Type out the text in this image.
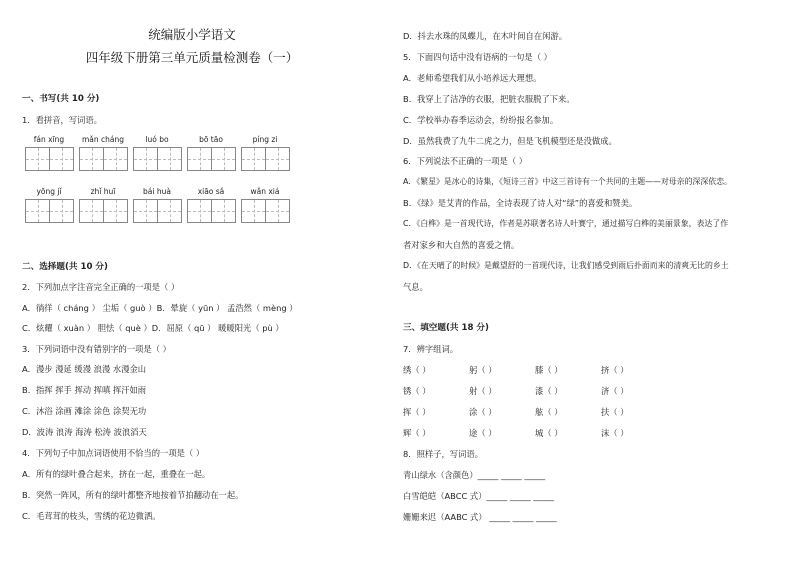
统编版小学语文
四年级下册第三单元质量检测卷（一）
一、书写(共 10 分)
1．看拼音，写词语。
fán xīng	mǎn cháng	luó bo	bō tāo	píng zi
yōng jǐ	zhǐ huī	bái huà	xiāo sǎ	wǎn xiá
二、选择题(共 10 分)
2．下列加点字注音完全正确的一项是（ ）
A．徜徉（ cháng ） 尘垢（ guò ）B．晕旋（ yūn ） 孟浩然（ mèng ）
C．炫耀（ xuàn ） 胆怯（ què ）D．屈原（ qū ） 暖暖阳光（ pù ）
3．下列词语中没有错别字的一项是（ ）
A．漫步 漫延 缓漫 浪漫 水漫金山
B．指挥 挥手 挥动 挥嗔 挥汗如雨
C．沐浴 涂画 滩涂 涂色 涂契无功
D．波涛 浪涛 海涛 松涛 波浪滔天
4．下列句子中加点词语使用不恰当的一项是（ ）
A．所有的绿叶叠合起来，挤在一起，重叠在一起。
B．突然一阵风，所有的绿叶都整齐地按着节拍翻动在一起。
C．毛茸茸的枝头，雪绣的花边微洒。
D．抖去水珠的凤蝶儿，在木叶间自在闲游。
5．下面四句话中没有语病的一句是（ ）
A．老师希望我们从小培养远大理想。
B．我穿上了洁净的衣服，把脏衣服脱了下来。
C．学校举办春季运动会，纷纷报名参加。
D．虽然我费了九牛二虎之力，但是飞机模型还是没做成。
6．下列说法不正确的一项是（ ）
A．《繁星》是冰心的诗集，《短诗三首》中这三首诗有一个共同的主题——对母亲的深深依恋。
B．《绿》是艾青的作品，全诗表现了诗人对“绿”的喜爱和赞美。
C．《白桦》是一首现代诗，作者是苏联著名诗人叶赛宁，通过描写白桦的美丽景象，表达了作
者对家乡和大自然的喜爱之情。
D．《在天晴了的时候》是戴望舒的一首现代诗，让我们感受到雨后扑面而来的清爽无比的乡土
气息。
三、填空题(共 18 分)
7．辨字组词。
绣（ ）	躬（ ）	膝（ ）	挤（ ）
锈（ ）	射（ ）	漆（ ）	济（ ）
挥（ ）	涂（ ）	舷（ ）	扶（ ）
辉（ ）	途（ ）	城（ ）	沫（ ）
8．照样子，写词语。
青山绿水（含颜色）_____ _____ _____
白雪皑皑（ABCC 式）_____ _____ _____
姗姗来迟（AABC 式） _____ _____ _____
